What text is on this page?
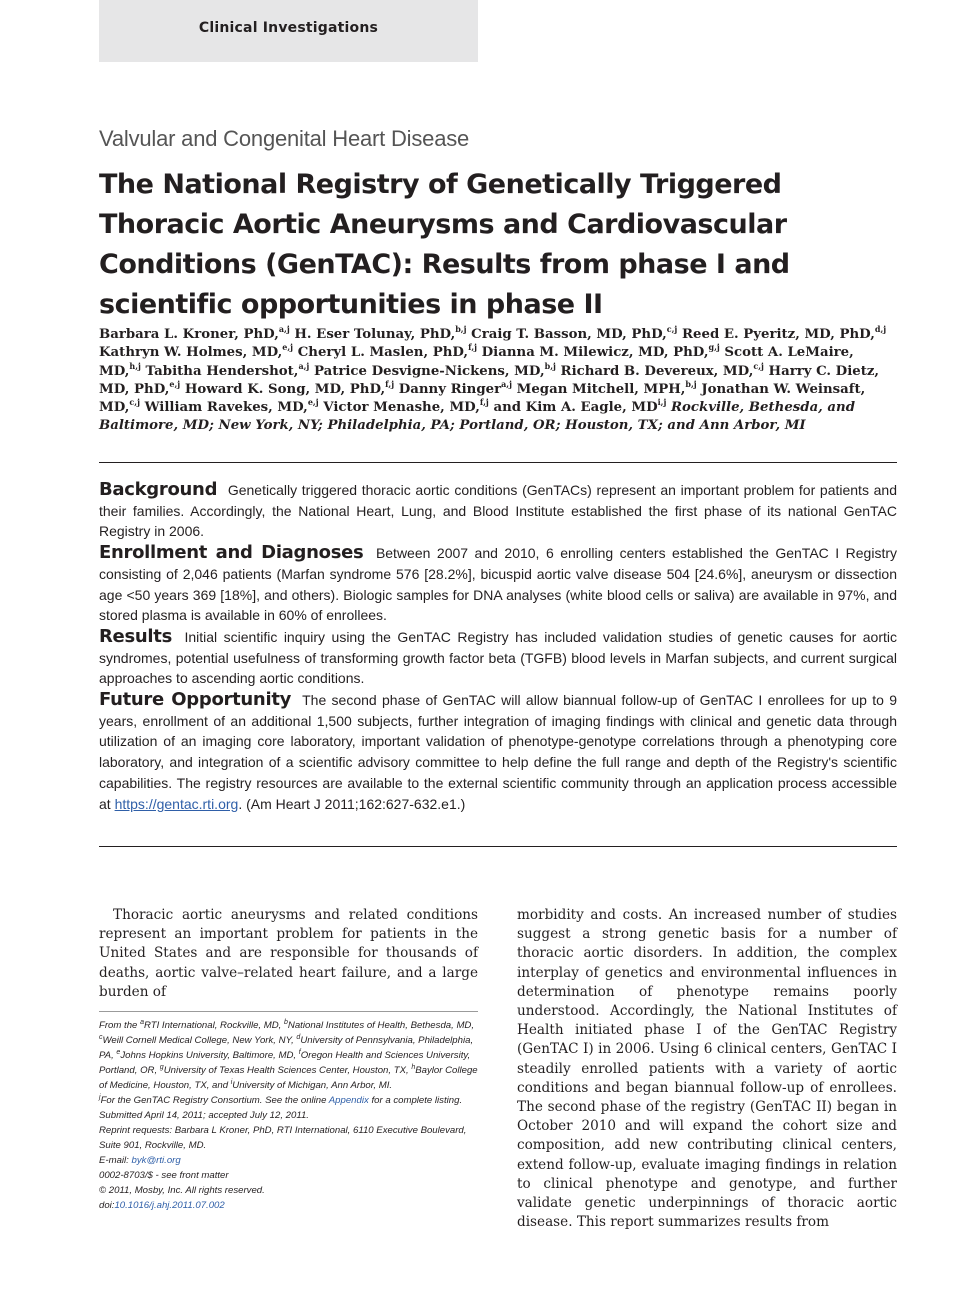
Clinical Investigations
Valvular and Congenital Heart Disease
The National Registry of Genetically Triggered Thoracic Aortic Aneurysms and Cardiovascular Conditions (GenTAC): Results from phase I and scientific opportunities in phase II
Barbara L. Kroner, PhD,$^{a,j}$ H. Eser Tolunay, PhD,$^{b,j}$ Craig T. Basson, MD, PhD,$^{c,j}$ Reed E. Pyeritz, MD, PhD,$^{d,j}$ Kathryn W. Holmes, MD,$^{e,j}$ Cheryl L. Maslen, PhD,$^{f,j}$ Dianna M. Milewicz, MD, PhD,$^{g,j}$ Scott A. LeMaire, MD,$^{h,j}$ Tabitha Hendershot,$^{a,j}$ Patrice Desvigne-Nickens, MD,$^{b,j}$ Richard B. Devereux, MD,$^{c,j}$ Harry C. Dietz, MD, PhD,$^{e,j}$ Howard K. Song, MD, PhD,$^{f,j}$ Danny Ringer$^{a,j}$ Megan Mitchell, MPH,$^{b,j}$ Jonathan W. Weinsaft, MD,$^{c,j}$ William Ravekes, MD,$^{e,j}$ Victor Menashe, MD,$^{f,j}$ and Kim A. Eagle, MD$^{i,j}$ Rockville, Bethesda, and Baltimore, MD; New York, NY; Philadelphia, PA; Portland, OR; Houston, TX; and Ann Arbor, MI

Background Genetically triggered thoracic aortic conditions (GenTACs) represent an important problem for patients and their families. Accordingly, the National Heart, Lung, and Blood Institute established the first phase of its national GenTAC Registry in 2006.

Enrollment and Diagnoses Between 2007 and 2010, 6 enrolling centers established the GenTAC I Registry consisting of 2,046 patients (Marfan syndrome 576 [28.2%], bicuspid aortic valve disease 504 [24.6%], aneurysm or dissection age <50 years 369 [18%], and others). Biologic samples for DNA analyses (white blood cells or saliva) are available in 97%, and stored plasma is available in 60% of enrollees.

Results Initial scientific inquiry using the GenTAC Registry has included validation studies of genetic causes for aortic syndromes, potential usefulness of transforming growth factor beta (TGFB) blood levels in Marfan subjects, and current surgical approaches to ascending aortic conditions.

Future Opportunity The second phase of GenTAC will allow biannual follow-up of GenTAC I enrollees for up to 9 years, enrollment of an additional 1,500 subjects, further integration of imaging findings with clinical and genetic data through utilization of an imaging core laboratory, important validation of phenotype-genotype correlations through a phenotyping core laboratory, and integration of a scientific advisory committee to help define the full range and depth of the Registry's scientific capabilities. The registry resources are available to the external scientific community through an application process accessible at https://gentac.rti.org. (Am Heart J 2011;162:627-632.e1.)

Thoracic aortic aneurysms and related conditions represent an important problem for patients in the United States and are responsible for thousands of deaths, aortic valve–related heart failure, and a large burden of
morbidity and costs. An increased number of studies suggest a strong genetic basis for a number of thoracic aortic disorders. In addition, the complex interplay of genetics and environmental influences in determination of phenotype remains poorly understood. Accordingly, the National Institutes of Health initiated phase I of the GenTAC Registry (GenTAC I) in 2006. Using 6 clinical centers, GenTAC I steadily enrolled patients with a variety of aortic conditions and began biannual follow-up of enrollees. The second phase of the registry (GenTAC II) began in October 2010 and will expand the cohort size and composition, add new contributing clinical centers, extend follow-up, evaluate imaging findings in relation to clinical phenotype and genotype, and further validate genetic underpinnings of thoracic aortic disease. This report summarizes results from
From the $^a$RTI International, Rockville, MD, $^b$National Institutes of Health, Bethesda, MD, $^c$Weill Cornell Medical College, New York, NY, $^d$University of Pennsylvania, Philadelphia, PA, $^e$Johns Hopkins University, Baltimore, MD, $^f$Oregon Health and Sciences University, Portland, OR, $^g$University of Texas Health Sciences Center, Houston, TX, $^h$Baylor College of Medicine, Houston, TX, and $^i$University of Michigan, Ann Arbor, MI.
$^j$For the GenTAC Registry Consortium. See the online Appendix for a complete listing.
Submitted April 14, 2011; accepted July 12, 2011.
Reprint requests: Barbara L Kroner, PhD, RTI International, 6110 Executive Boulevard, Suite 901, Rockville, MD.
E-mail: byk@rti.org
0002-8703/$ - see front matter
© 2011, Mosby, Inc. All rights reserved.
doi:10.1016/j.ahj.2011.07.002
